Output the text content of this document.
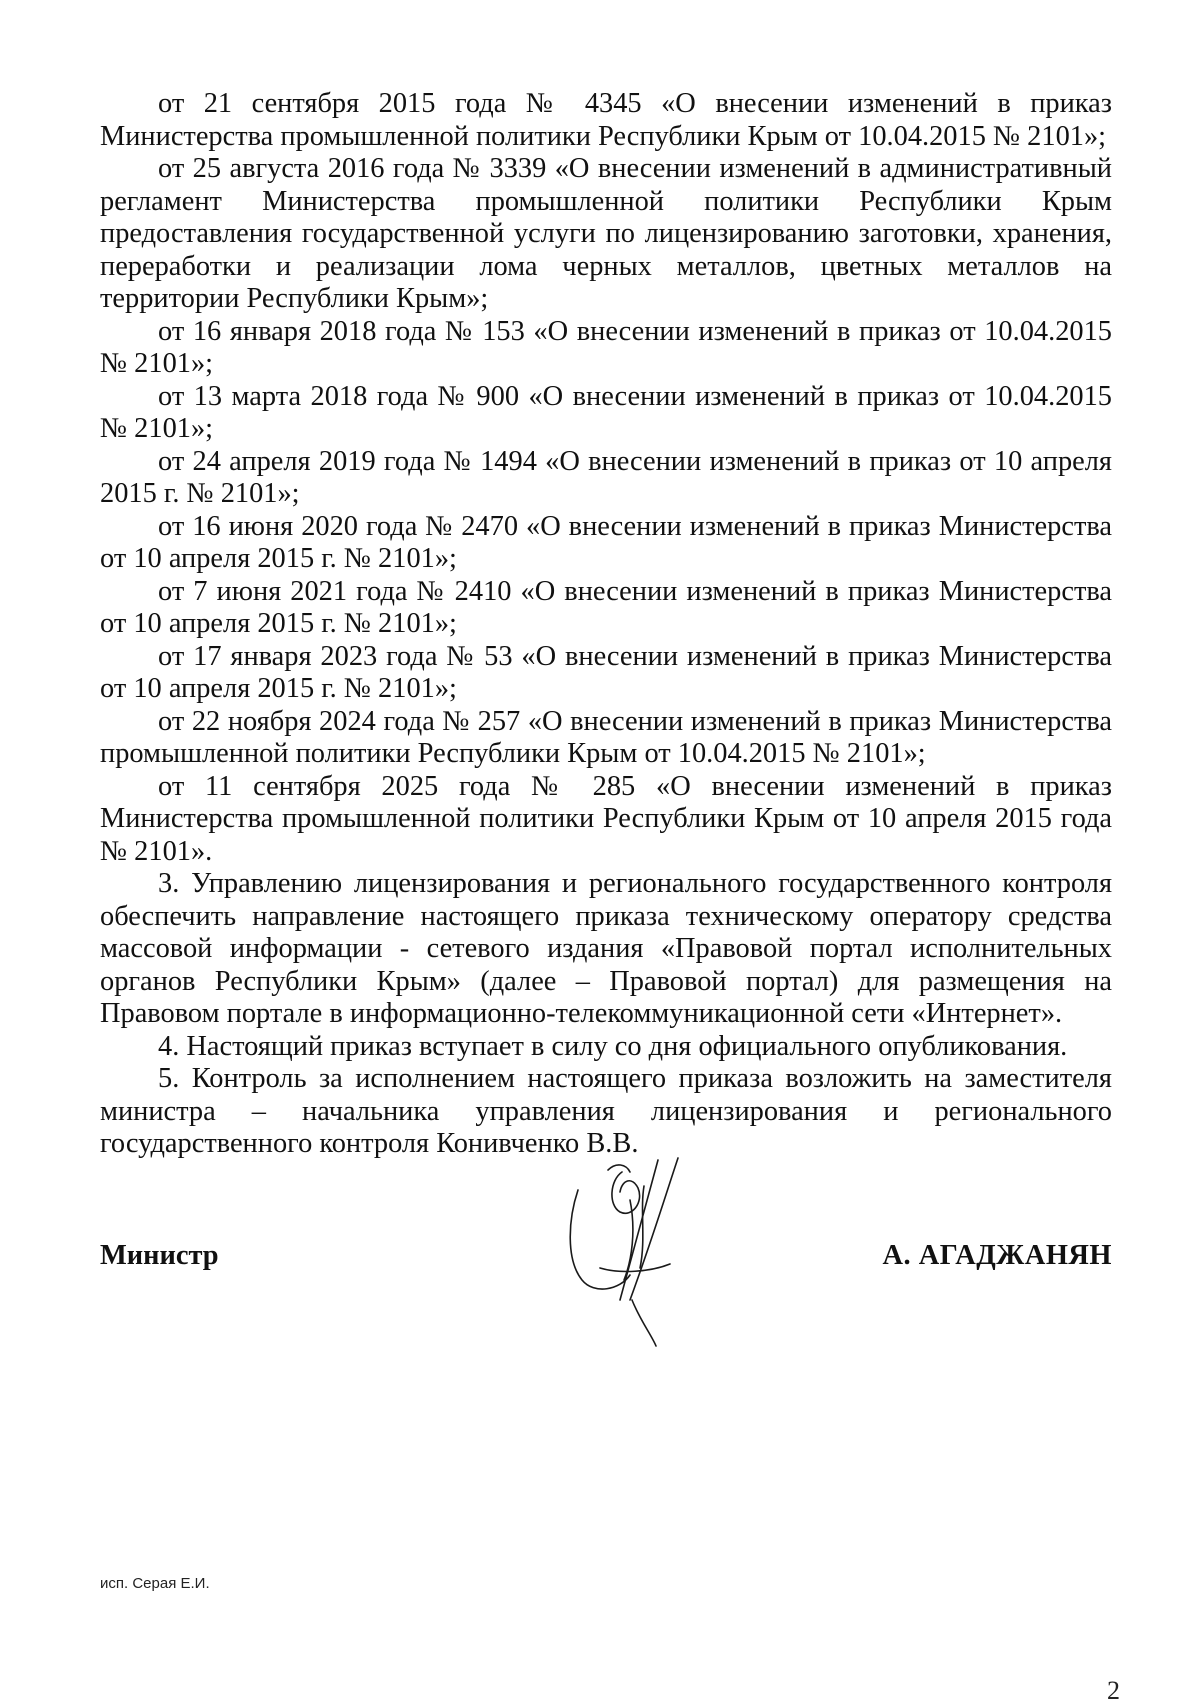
от 21 сентября 2015 года № 4345 «О внесении изменений в приказ Министерства промышленной политики Республики Крым от 10.04.2015 № 2101»;

от 25 августа 2016 года № 3339 «О внесении изменений в административный регламент Министерства промышленной политики Республики Крым предоставления государственной услуги по лицензированию заготовки, хранения, переработки и реализации лома черных металлов, цветных металлов на территории Республики Крым»;

от 16 января 2018 года № 153 «О внесении изменений в приказ от 10.04.2015 № 2101»;

от 13 марта 2018 года № 900 «О внесении изменений в приказ от 10.04.2015 № 2101»;

от 24 апреля 2019 года № 1494 «О внесении изменений в приказ от 10 апреля 2015 г. № 2101»;

от 16 июня 2020 года № 2470 «О внесении изменений в приказ Министерства от 10 апреля 2015 г. № 2101»;

от 7 июня 2021 года № 2410 «О внесении изменений в приказ Министерства от 10 апреля 2015 г. № 2101»;

от 17 января 2023 года № 53 «О внесении изменений в приказ Министерства от 10 апреля 2015 г. № 2101»;

от 22 ноября 2024 года № 257 «О внесении изменений в приказ Министерства промышленной политики Республики Крым от 10.04.2015 № 2101»;

от 11 сентября 2025 года № 285 «О внесении изменений в приказ Министерства промышленной политики Республики Крым от 10 апреля 2015 года № 2101».

3. Управлению лицензирования и регионального государственного контроля обеспечить направление настоящего приказа техническому оператору средства массовой информации - сетевого издания «Правовой портал исполнительных органов Республики Крым» (далее – Правовой портал) для размещения на Правовом портале в информационно-телекоммуникационной сети «Интернет».

4. Настоящий приказ вступает в силу со дня официального опубликования.

5. Контроль за исполнением настоящего приказа возложить на заместителя министра – начальника управления лицензирования и регионального государственного контроля Конивченко В.В.

Министр	А. АГАДЖАНЯН
исп. Серая Е.И.
2
